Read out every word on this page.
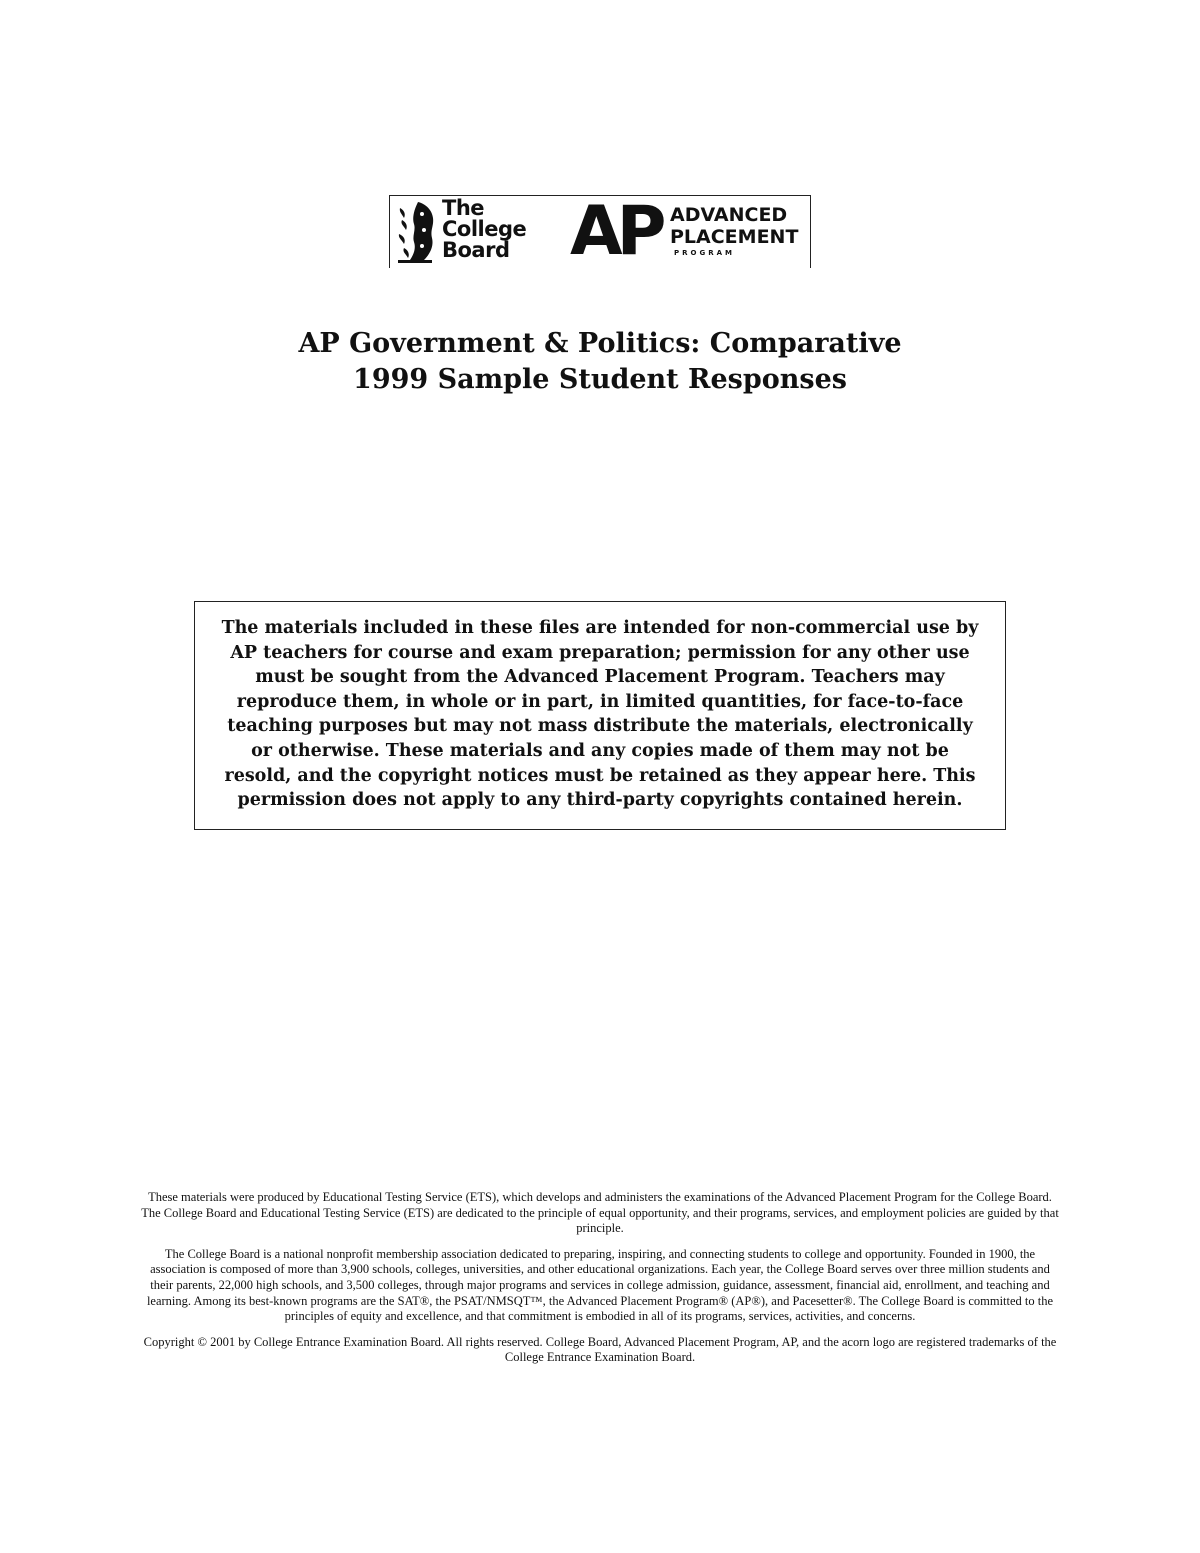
The
College
Board AP ADVANCED
PLACEMENT
PROGRAM
AP Government & Politics: Comparative
1999 Sample Student Responses
The materials included in these files are intended for non-commercial use by AP teachers for course and exam preparation; permission for any other use must be sought from the Advanced Placement Program. Teachers may reproduce them, in whole or in part, in limited quantities, for face-to-face teaching purposes but may not mass distribute the materials, electronically or otherwise. These materials and any copies made of them may not be resold, and the copyright notices must be retained as they appear here. This permission does not apply to any third-party copyrights contained herein.

These materials were produced by Educational Testing Service (ETS), which develops and administers the examinations of the Advanced Placement Program for the College Board. The College Board and Educational Testing Service (ETS) are dedicated to the principle of equal opportunity, and their programs, services, and employment policies are guided by that principle.

The College Board is a national nonprofit membership association dedicated to preparing, inspiring, and connecting students to college and opportunity. Founded in 1900, the association is composed of more than 3,900 schools, colleges, universities, and other educational organizations. Each year, the College Board serves over three million students and their parents, 22,000 high schools, and 3,500 colleges, through major programs and services in college admission, guidance, assessment, financial aid, enrollment, and teaching and learning. Among its best-known programs are the SAT®, the PSAT/NMSQT™, the Advanced Placement Program® (AP®), and Pacesetter®. The College Board is committed to the principles of equity and excellence, and that commitment is embodied in all of its programs, services, activities, and concerns.

Copyright © 2001 by College Entrance Examination Board. All rights reserved. College Board, Advanced Placement Program, AP, and the acorn logo are registered trademarks of the College Entrance Examination Board.
